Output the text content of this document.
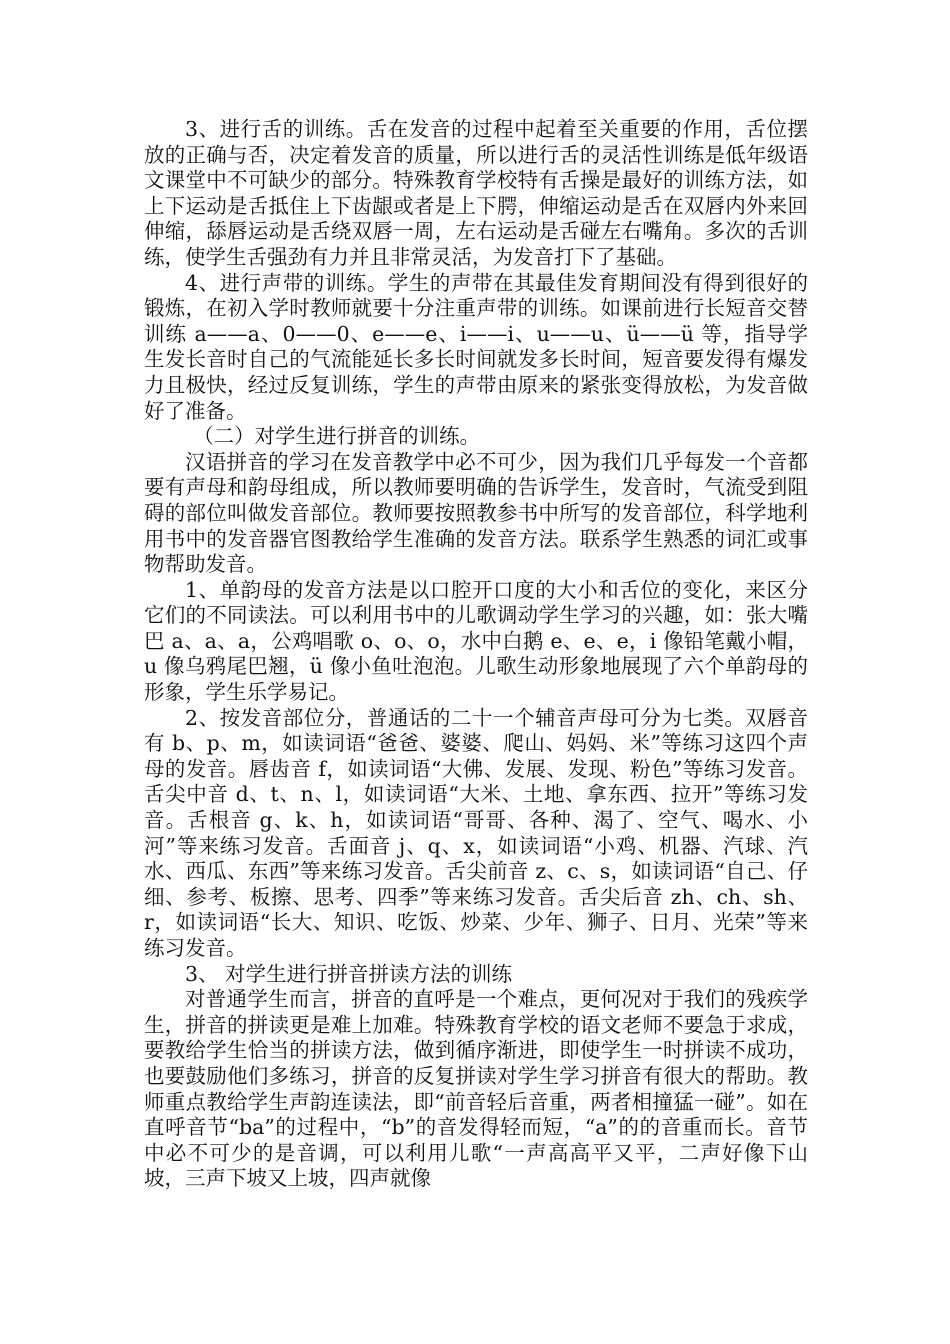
3、进行舌的训练。舌在发音的过程中起着至关重要的作用，舌位摆放的正确与否，决定着发音的质量，所以进行舌的灵活性训练是低年级语文课堂中不可缺少的部分。特殊教育学校特有舌操是最好的训练方法，如上下运动是舌抵住上下齿龈或者是上下腭，伸缩运动是舌在双唇内外来回伸缩，舔唇运动是舌绕双唇一周，左右运动是舌碰左右嘴角。多次的舌训练，使学生舌强劲有力并且非常灵活，为发音打下了基础。

4、进行声带的训练。学生的声带在其最佳发育期间没有得到很好的锻炼，在初入学时教师就要十分注重声带的训练。如课前进行长短音交替训练 a——a、0——0、e——e、i——i、u——u、ü——ü 等，指导学生发长音时自己的气流能延长多长时间就发多长时间，短音要发得有爆发力且极快，经过反复训练，学生的声带由原来的紧张变得放松，为发音做好了准备。

（二）对学生进行拼音的训练。

汉语拼音的学习在发音教学中必不可少，因为我们几乎每发一个音都要有声母和韵母组成，所以教师要明确的告诉学生，发音时，气流受到阻碍的部位叫做发音部位。教师要按照教参书中所写的发音部位，科学地利用书中的发音器官图教给学生准确的发音方法。联系学生熟悉的词汇或事物帮助发音。

1、单韵母的发音方法是以口腔开口度的大小和舌位的变化，来区分它们的不同读法。可以利用书中的儿歌调动学生学习的兴趣，如：张大嘴巴 a、a、a，公鸡唱歌 o、o、o，水中白鹅 e、e、e，i 像铅笔戴小帽，u 像乌鸦尾巴翘，ü 像小鱼吐泡泡。儿歌生动形象地展现了六个单韵母的形象，学生乐学易记。

2、按发音部位分，普通话的二十一个辅音声母可分为七类。双唇音有 b、p、m，如读词语“爸爸、婆婆、爬山、妈妈、米”等练习这四个声母的发音。唇齿音 f，如读词语“大佛、发展、发现、粉色”等练习发音。舌尖中音 d、t、n、l，如读词语“大米、土地、拿东西、拉开”等练习发音。舌根音 g、k、h，如读词语“哥哥、各种、渴了、空气、喝水、小河”等来练习发音。舌面音 j、q、x，如读词语“小鸡、机器、汽球、汽水、西瓜、东西”等来练习发音。舌尖前音 z、c、s，如读词语“自己、仔细、参考、板擦、思考、四季”等来练习发音。舌尖后音 zh、ch、sh、r，如读词语“长大、知识、吃饭、炒菜、少年、狮子、日月、光荣”等来练习发音。

3、 对学生进行拼音拼读方法的训练

对普通学生而言，拼音的直呼是一个难点，更何况对于我们的残疾学生，拼音的拼读更是难上加难。特殊教育学校的语文老师不要急于求成，要教给学生恰当的拼读方法，做到循序渐进，即使学生一时拼读不成功，也要鼓励他们多练习，拼音的反复拼读对学生学习拼音有很大的帮助。教师重点教给学生声韵连读法，即“前音轻后音重，两者相撞猛一碰”。如在直呼音节“ba”的过程中，“b”的音发得轻而短，“a”的的音重而长。音节中必不可少的是音调，可以利用儿歌“一声高高平又平，二声好像下山坡，三声下坡又上坡，四声就像
